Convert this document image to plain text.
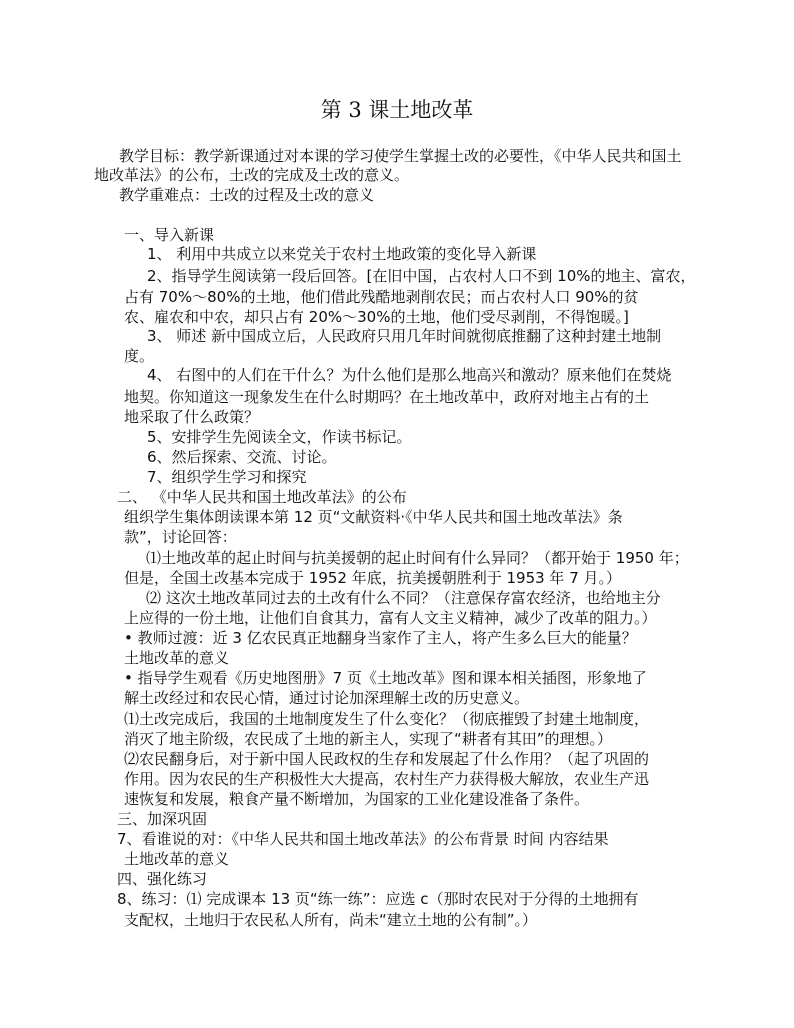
第 3 课土地改革
教学目标：教学新课通过对本课的学习使学生掌握土改的必要性，《中华人民共和国土
地改革法》的公布，土改的完成及土改的意义。
教学重难点：土改的过程及土改的意义
一、导入新课
1、 利用中共成立以来党关于农村土地政策的变化导入新课
2、指导学生阅读第一段后回答。[在旧中国，占农村人口不到 10%的地主、富农，
占有 70%～80%的土地，他们借此残酷地剥削农民；而占农村人口 90%的贫
农、雇农和中农，却只占有 20%～30%的土地，他们受尽剥削，不得饱暖。]
3、 师述 新中国成立后，人民政府只用几年时间就彻底推翻了这种封建土地制
度。
4、 右图中的人们在干什么？为什么他们是那么地高兴和激动？原来他们在焚烧
地契。你知道这一现象发生在什么时期吗？在土地改革中，政府对地主占有的土
地采取了什么政策？
5、安排学生先阅读全文，作读书标记。
6、然后探索、交流、讨论。
7、组织学生学习和探究
二、 《中华人民共和国土地改革法》的公布
组织学生集体朗读课本第 12 页“文献资料·《中华人民共和国土地改革法》条
款”，讨论回答：
⑴土地改革的起止时间与抗美援朝的起止时间有什么异同？（都开始于 1950 年；
但是，全国土改基本完成于 1952 年底，抗美援朝胜利于 1953 年 7 月。）
⑵ 这次土地改革同过去的土改有什么不同？（注意保存富农经济，也给地主分
上应得的一份土地，让他们自食其力，富有人文主义精神，减少了改革的阻力。）
• 教师过渡：近 3 亿农民真正地翻身当家作了主人，将产生多么巨大的能量？
土地改革的意义
• 指导学生观看《历史地图册》7 页《土地改革》图和课本相关插图，形象地了
解土改经过和农民心情，通过讨论加深理解土改的历史意义。
⑴土改完成后，我国的土地制度发生了什么变化？（彻底摧毁了封建土地制度，
消灭了地主阶级，农民成了土地的新主人，实现了“耕者有其田”的理想。）
⑵农民翻身后，对于新中国人民政权的生存和发展起了什么作用？（起了巩固的
作用。因为农民的生产积极性大大提高，农村生产力获得极大解放，农业生产迅
速恢复和发展，粮食产量不断增加，为国家的工业化建设准备了条件。
三、加深巩固
7、看谁说的对：《中华人民共和国土地改革法》的公布背景 时间 内容结果
土地改革的意义
四、强化练习
8、练习：⑴ 完成课本 13 页“练一练”：应选 c（那时农民对于分得的土地拥有
支配权，土地归于农民私人所有，尚未“建立土地的公有制”。）
